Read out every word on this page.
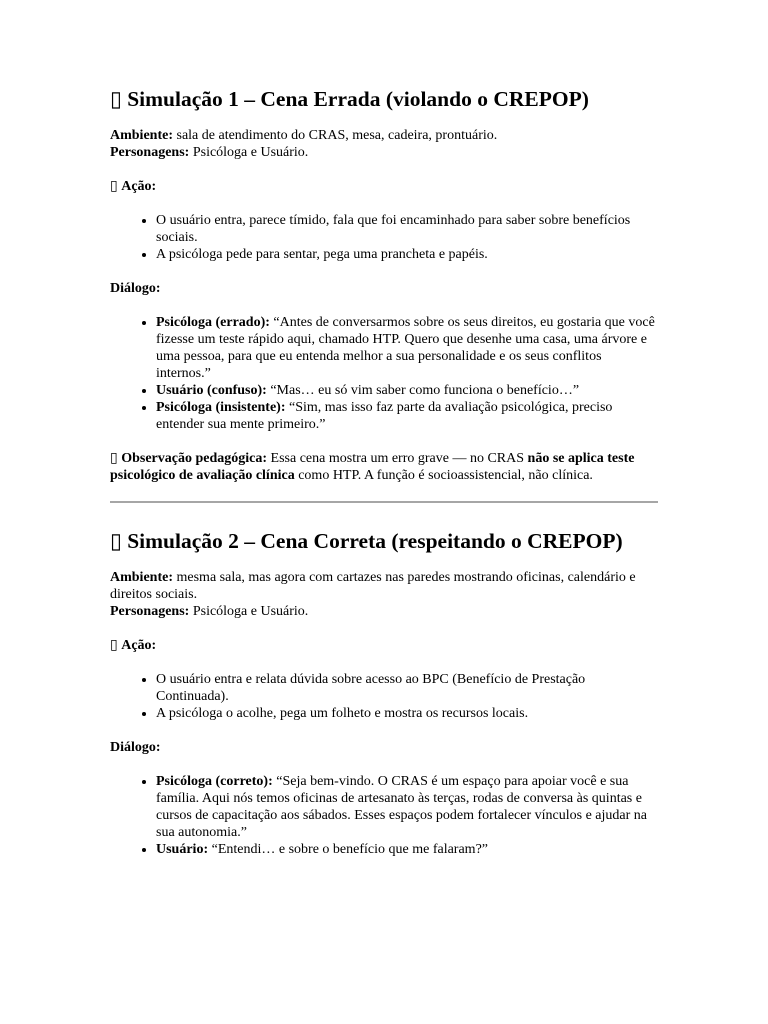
▯ Simulação 1 – Cena Errada (violando o CREPOP)

Ambiente: sala de atendimento do CRAS, mesa, cadeira, prontuário.

Personagens: Psicóloga e Usuário.

▯ Ação:

• O usuário entra, parece tímido, fala que foi encaminhado para saber sobre benefícios sociais.
• A psicóloga pede para sentar, pega uma prancheta e papéis.

Diálogo:

• Psicóloga (errado): “Antes de conversarmos sobre os seus direitos, eu gostaria que você fizesse um teste rápido aqui, chamado HTP. Quero que desenhe uma casa, uma árvore e uma pessoa, para que eu entenda melhor a sua personalidade e os seus conflitos internos.”
• Usuário (confuso): “Mas… eu só vim saber como funciona o benefício…”
• Psicóloga (insistente): “Sim, mas isso faz parte da avaliação psicológica, preciso entender sua mente primeiro.”

▯ Observação pedagógica: Essa cena mostra um erro grave — no CRAS não se aplica teste psicológico de avaliação clínica como HTP. A função é socioassistencial, não clínica.

▯ Simulação 2 – Cena Correta (respeitando o CREPOP)

Ambiente: mesma sala, mas agora com cartazes nas paredes mostrando oficinas, calendário e direitos sociais.

Personagens: Psicóloga e Usuário.

▯ Ação:

• O usuário entra e relata dúvida sobre acesso ao BPC (Benefício de Prestação Continuada).
• A psicóloga o acolhe, pega um folheto e mostra os recursos locais.

Diálogo:

• Psicóloga (correto): “Seja bem-vindo. O CRAS é um espaço para apoiar você e sua família. Aqui nós temos oficinas de artesanato às terças, rodas de conversa às quintas e cursos de capacitação aos sábados. Esses espaços podem fortalecer vínculos e ajudar na sua autonomia.”
• Usuário: “Entendi… e sobre o benefício que me falaram?”
